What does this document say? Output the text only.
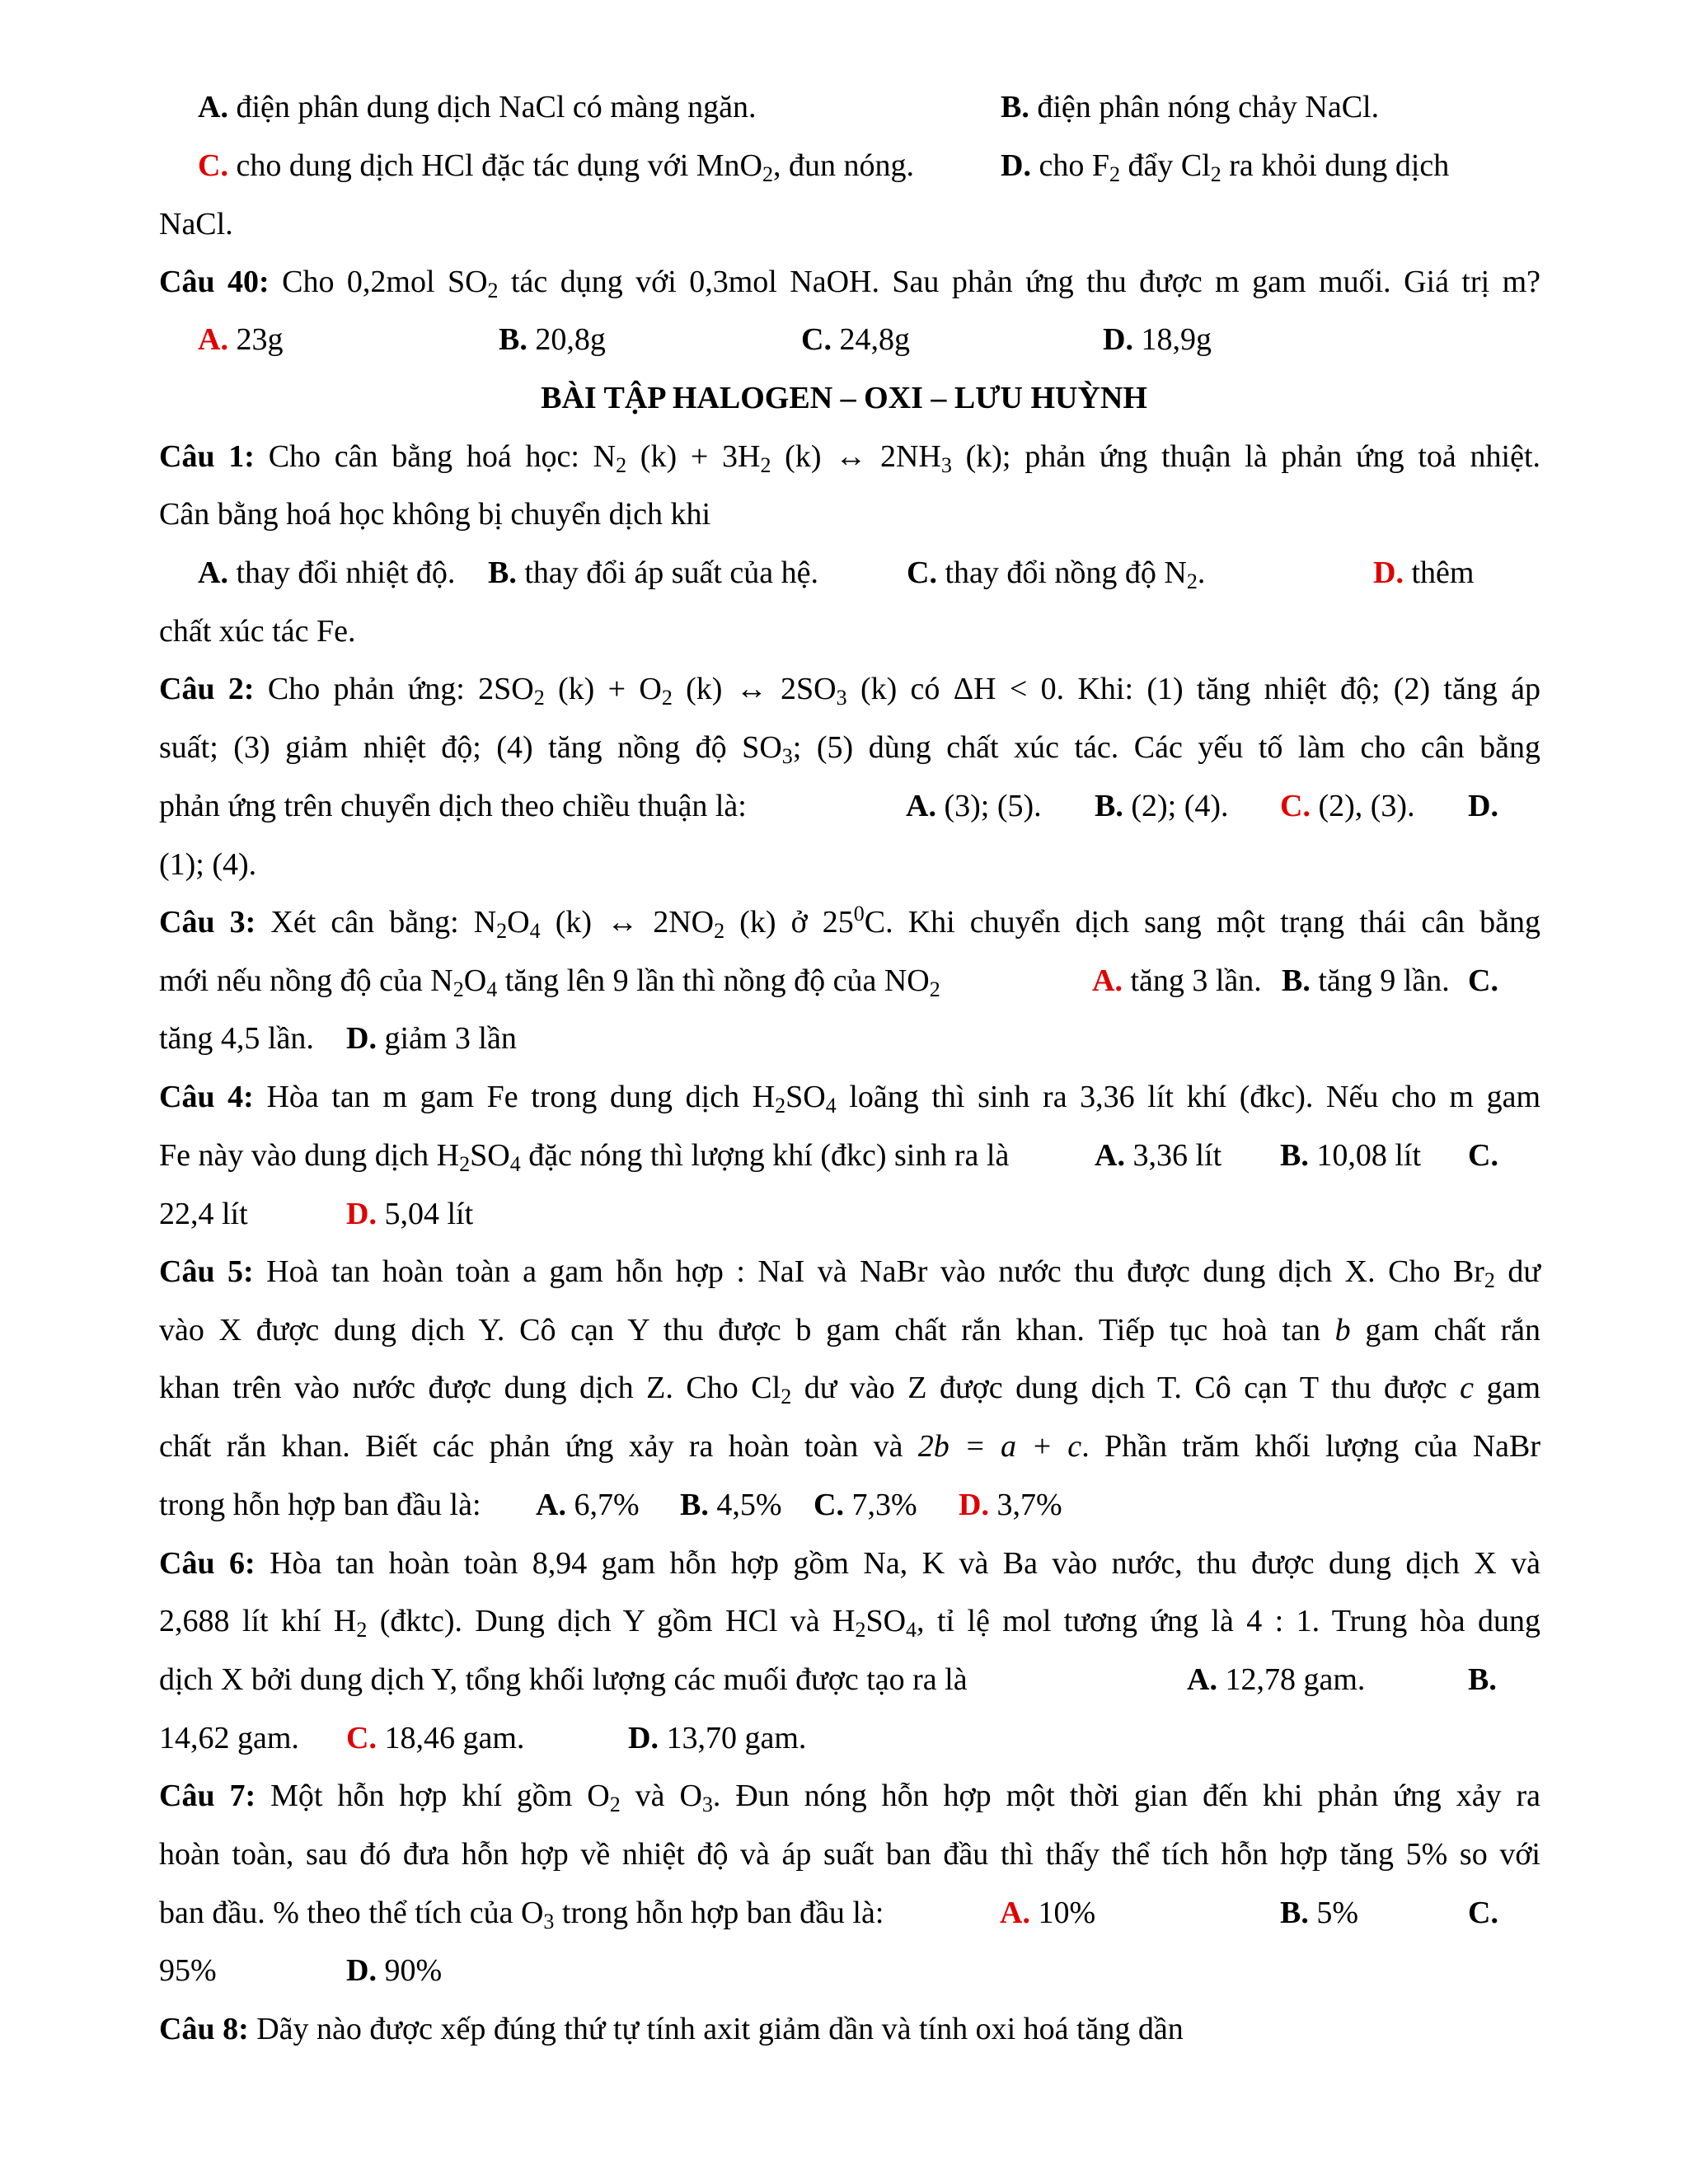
A. điện phân dung dịch NaCl có màng ngăn.	B. điện phân nóng chảy NaCl.
C. cho dung dịch HCl đặc tác dụng với MnO$_2$, đun nóng.	D. cho $F_2$ đẩy $Cl_2$ ra khỏi dung dịch
NaCl.
Câu 40: Cho 0,2mol $SO_2$ tác dụng với 0,3mol NaOH. Sau phản ứng thu được m gam muối. Giá trị m?
A. 23g	B. 20,8g	C. 24,8g	D. 18,9g
BÀI TẬP HALOGEN – OXI – LƯU HUỲNH
Câu 1: Cho cân bằng hoá học: $N_2$ $(k) + 3H_2$ (k) ↔ $2NH_3$ (k); phản ứng thuận là phản ứng toả nhiệt.
Cân bằng hoá học không bị chuyển dịch khi
A. thay đổi nhiệt độ. B. thay đổi áp suất của hệ.	C. thay đổi nồng độ $N_2$.	D. thêm
chất xúc tác Fe.
Câu 2: Cho phản ứng: $2SO_2$ $(k) + O_2$ (k) ↔ $2SO_3$ (k) có ΔH < 0. Khi: (1) tăng nhiệt độ; (2) tăng áp
suất; (3) giảm nhiệt độ; (4) tăng nồng độ $SO_3$; (5) dùng chất xúc tác. Các yếu tố làm cho cân bằng
phản ứng trên chuyển dịch theo chiều thuận là:	A. (3); (5). B. (2); (4). C. (2), (3). D.
(1); (4).
Câu 3: Xét cân bằng: $N_2O_4$ (k) ↔ $2NO_2$ (k) ở $25^0C$. Khi chuyển dịch sang một trạng thái cân bằng
mới nếu nồng độ của $N_2O_4$ tăng lên 9 lần thì nồng độ của $NO_2$	A. tăng 3 lần. B. tăng 9 lần. C.
tăng 4,5 lần. D. giảm 3 lần
Câu 4: Hòa tan m gam Fe trong dung dịch $H_2SO_4$ loãng thì sinh ra 3,36 lít khí (đkc). Nếu cho m gam
Fe này vào dung dịch $H_2SO_4$ đặc nóng thì lượng khí (đkc) sinh ra là	A. 3,36 lít B. 10,08 lít C.
22,4 lít	D. 5,04 lít
Câu 5: Hoà tan hoàn toàn a gam hỗn hợp : NaI và NaBr vào nước thu được dung dịch X. Cho $Br_2$ dư
vào X được dung dịch Y. Cô cạn Y thu được b gam chất rắn khan. Tiếp tục hoà tan b gam chất rắn
khan trên vào nước được dung dịch Z. Cho $Cl_2$ dư vào Z được dung dịch T. Cô cạn T thu được c gam
chất rắn khan. Biết các phản ứng xảy ra hoàn toàn và 2b = a + c. Phần trăm khối lượng của NaBr
trong hỗn hợp ban đầu là: A. 6,7% B. 4,5% C. 7,3% D. 3,7%
Câu 6: Hòa tan hoàn toàn 8,94 gam hỗn hợp gồm Na, K và Ba vào nước, thu được dung dịch X và
2,688 lít khí $H_2$ (đktc). Dung dịch Y gồm HCl và $H_2SO_4$, tỉ lệ mol tương ứng là 4 : 1. Trung hòa dung
dịch X bởi dung dịch Y, tổng khối lượng các muối được tạo ra là	A. 12,78 gam.	B.
14,62 gam. C. 18,46 gam.	D. 13,70 gam.
Câu 7: Một hỗn hợp khí gồm $O_2$ và $O_3$. Đun nóng hỗn hợp một thời gian đến khi phản ứng xảy ra
hoàn toàn, sau đó đưa hỗn hợp về nhiệt độ và áp suất ban đầu thì thấy thể tích hỗn hợp tăng 5% so với
ban đầu. % theo thể tích của $O_3$ trong hỗn hợp ban đầu là:	A. 10%	B. 5%	C.
95%	D. 90%
Câu 8: Dãy nào được xếp đúng thứ tự tính axit giảm dần và tính oxi hoá tăng dần
